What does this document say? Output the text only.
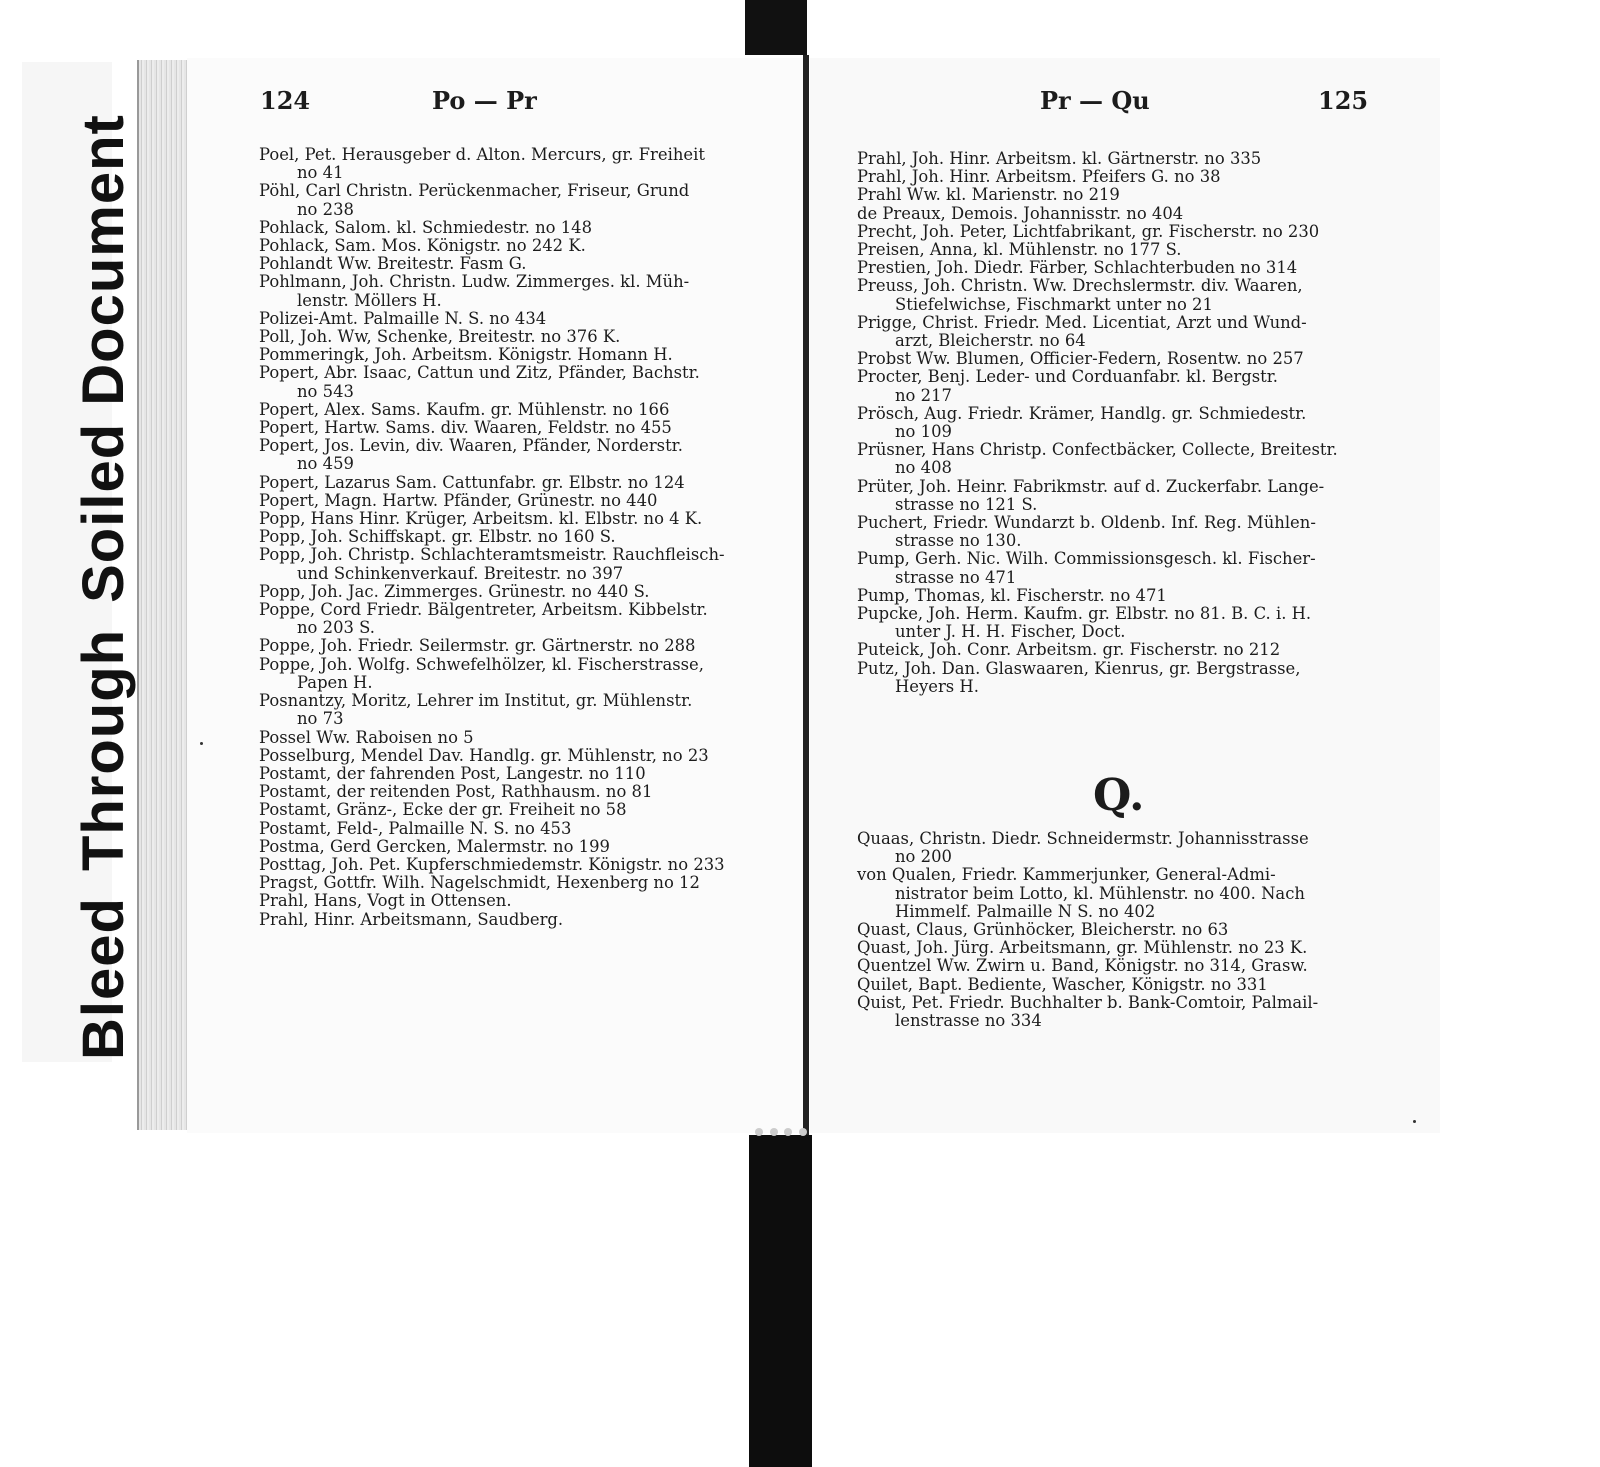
BleedThroughSoiled Document
124	Po — Pr	Pr — Qu	125
Poel, Pet. Herausgeber d. Alton. Mercurs, gr. Freiheit

no 41
Pöhl, Carl Christn. Perückenmacher, Friseur, Grund

no 238
Pohlack, Salom. kl. Schmiedestr. no 148
Pohlack, Sam. Mos. Königstr. no 242 K.
Pohlandt Ww. Breitestr. Fasm G.
Pohlmann, Joh. Christn. Ludw. Zimmerges. kl. Müh-

lenstr. Möllers H.
Polizei-Amt. Palmaille N. S. no 434
Poll, Joh. Ww, Schenke, Breitestr. no 376 K.
Pommeringk, Joh. Arbeitsm. Königstr. Homann H.
Popert, Abr. Isaac, Cattun und Zitz, Pfänder, Bachstr.

no 543
Popert, Alex. Sams. Kaufm. gr. Mühlenstr. no 166
Popert, Hartw. Sams. div. Waaren, Feldstr. no 455
Popert, Jos. Levin, div. Waaren, Pfänder, Norderstr.

no 459
Popert, Lazarus Sam. Cattunfabr. gr. Elbstr. no 124
Popert, Magn. Hartw. Pfänder, Grünestr. no 440
Popp, Hans Hinr. Krüger, Arbeitsm. kl. Elbstr. no 4 K.
Popp, Joh. Schiffskapt. gr. Elbstr. no 160 S.
Popp, Joh. Christp. Schlachteramtsmeistr. Rauchfleisch-

und Schinkenverkauf. Breitestr. no 397
Popp, Joh. Jac. Zimmerges. Grünestr. no 440 S.
Poppe, Cord Friedr. Bälgentreter, Arbeitsm. Kibbelstr.

no 203 S.
Poppe, Joh. Friedr. Seilermstr. gr. Gärtnerstr. no 288
Poppe, Joh. Wolfg. Schwefelhölzer, kl. Fischerstrasse,

Papen H.
Posnantzy, Moritz, Lehrer im Institut, gr. Mühlenstr.

no 73
Possel Ww. Raboisen no 5
Posselburg, Mendel Dav. Handlg. gr. Mühlenstr, no 23
Postamt, der fahrenden Post, Langestr. no 110
Postamt, der reitenden Post, Rathhausm. no 81
Postamt, Gränz-, Ecke der gr. Freiheit no 58
Postamt, Feld-, Palmaille N. S. no 453
Postma, Gerd Gercken, Malermstr. no 199
Posttag, Joh. Pet. Kupferschmiedemstr. Königstr. no 233
Pragst, Gottfr. Wilh. Nagelschmidt, Hexenberg no 12
Prahl, Hans, Vogt in Ottensen.
Prahl, Hinr. Arbeitsmann, Saudberg.
Prahl, Joh. Hinr. Arbeitsm. kl. Gärtnerstr. no 335
Prahl, Joh. Hinr. Arbeitsm. Pfeifers G. no 38
Prahl Ww. kl. Marienstr. no 219
de Preaux, Demois. Johannisstr. no 404
Precht, Joh. Peter, Lichtfabrikant, gr. Fischerstr. no 230
Preisen, Anna, kl. Mühlenstr. no 177 S.
Prestien, Joh. Diedr. Färber, Schlachterbuden no 314
Preuss, Joh. Christn. Ww. Drechslermstr. div. Waaren,

Stiefelwichse, Fischmarkt unter no 21
Prigge, Christ. Friedr. Med. Licentiat, Arzt und Wund-

arzt, Bleicherstr. no 64
Probst Ww. Blumen, Officier-Federn, Rosentw. no 257
Procter, Benj. Leder- und Corduanfabr. kl. Bergstr.

no 217
Prösch, Aug. Friedr. Krämer, Handlg. gr. Schmiedestr.

no 109
Prüsner, Hans Christp. Confectbäcker, Collecte, Breitestr.

no 408
Prüter, Joh. Heinr. Fabrikmstr. auf d. Zuckerfabr. Lange-

strasse no 121 S.
Puchert, Friedr. Wundarzt b. Oldenb. Inf. Reg. Mühlen-

strasse no 130.
Pump, Gerh. Nic. Wilh. Commissionsgesch. kl. Fischer-

strasse no 471
Pump, Thomas, kl. Fischerstr. no 471
Pupcke, Joh. Herm. Kaufm. gr. Elbstr. no 81. B. C. i. H.

unter J. H. H. Fischer, Doct.
Puteick, Joh. Conr. Arbeitsm. gr. Fischerstr. no 212
Putz, Joh. Dan. Glaswaaren, Kienrus, gr. Bergstrasse,

Heyers H.
Q.
Quaas, Christn. Diedr. Schneidermstr. Johannisstrasse

no 200
von Qualen, Friedr. Kammerjunker, General-Admi-

nistrator beim Lotto, kl. Mühlenstr. no 400. Nach
Himmelf. Palmaille N S. no 402
Quast, Claus, Grünhöcker, Bleicherstr. no 63
Quast, Joh. Jürg. Arbeitsmann, gr. Mühlenstr. no 23 K.
Quentzel Ww. Zwirn u. Band, Königstr. no 314, Grasw.
Quilet, Bapt. Bediente, Wascher, Königstr. no 331
Quist, Pet. Friedr. Buchhalter b. Bank-Comtoir, Palmail-

lenstrasse no 334
